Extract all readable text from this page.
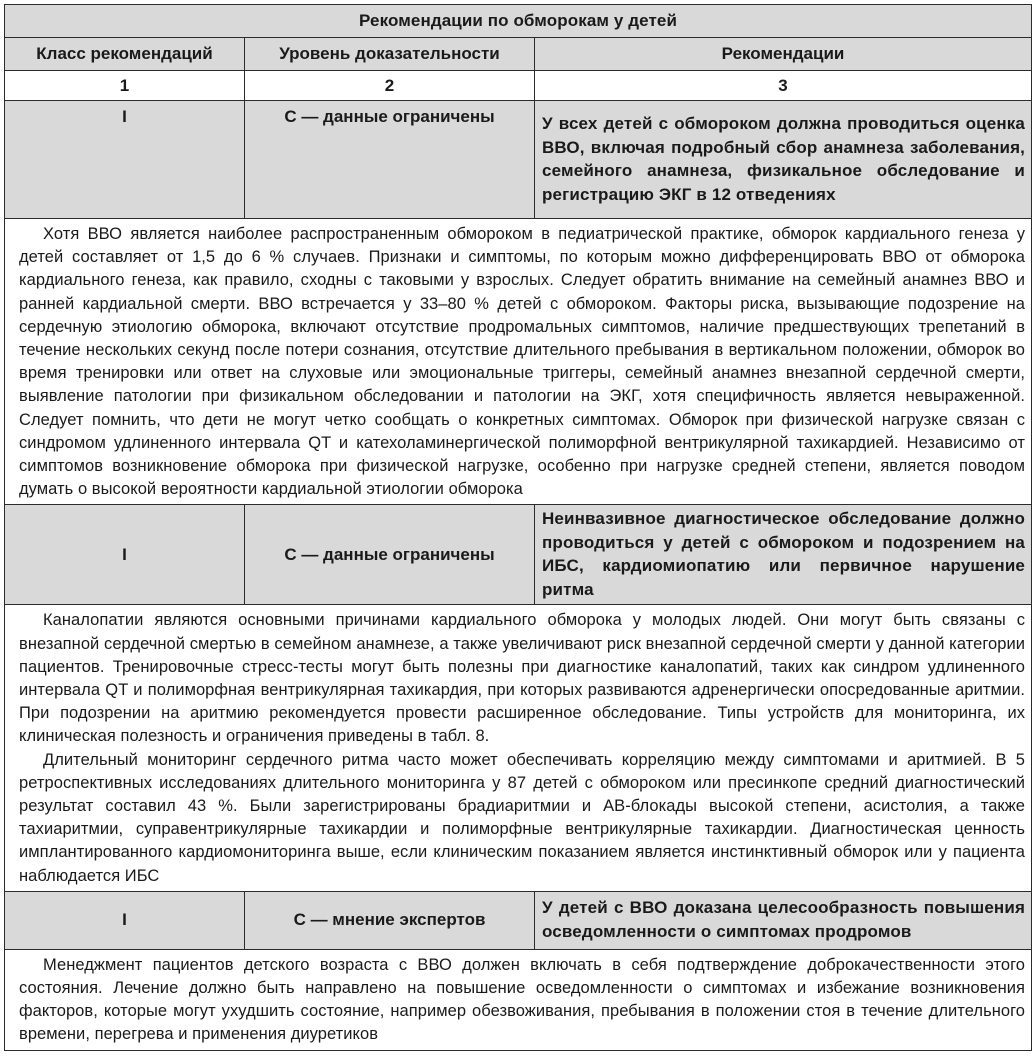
Рекомендации по обморокам у детей		
Класс рекомендаций	Уровень доказательности	Рекомендации
1	2	3
I	С — данные ограничены	У всех детей с обмороком должна проводиться оценка ВВО, включая подробный сбор анамнеза заболевания, семейного анамнеза, физикальное обследование и регистрацию ЭКГ в 12 отведениях

Хотя ВВО является наиболее распространенным обмороком в педиатрической практике, обморок кардиального генеза у детей составляет от 1,5 до 6 % случаев. Признаки и симптомы, по которым можно дифференцировать ВВО от обморока кардиального генеза, как правило, сходны с таковыми у взрослых. Следует обратить внимание на семейный анамнез ВВО и ранней кардиальной смерти. ВВО встречается у 33–80 % детей с обмороком. Факторы риска, вызывающие подозрение на сердечную этиологию обморока, включают отсутствие продромальных симптомов, наличие предшествующих трепетаний в течение нескольких секунд после потери сознания, отсутствие длительного пребывания в вертикальном положении, обморок во время тренировки или ответ на слуховые или эмоциональные триггеры, семейный анамнез внезапной сердечной смерти, выявление патологии при физикальном обследовании и патологии на ЭКГ, хотя специфичность является невыраженной. Следует помнить, что дети не могут четко сообщать о конкретных симптомах. Обморок при физической нагрузке связан с синдромом удлиненного интервала QT и катехоламинергической полиморфной вентрикулярной тахикардией. Независимо от симптомов возникновение обморока при физической нагрузке, особенно при нагрузке средней степени, является поводом думать о высокой вероятности кардиальной этиологии обморока		

I	С — данные ограничены	Неинвазивное диагностическое обследование должно проводиться у детей с обмороком и подозрением на ИБС, кардиомиопатию или первичное нарушение ритма

Каналопатии являются основными причинами кардиального обморока у молодых людей. Они могут быть связаны с внезапной сердечной смертью в семейном анамнезе, а также увеличивают риск внезапной сердечной смерти у данной категории пациентов. Тренировочные стресс-тесты могут быть полезны при диагностике каналопатий, таких как синдром удлиненного интервала QT и полиморфная вентрикулярная тахикардия, при которых развиваются адренергически опосредованные аритмии. При подозрении на аритмию рекомендуется провести расширенное обследование. Типы устройств для мониторинга, их клиническая полезность и ограничения приведены в табл. 8.

Длительный мониторинг сердечного ритма часто может обеспечивать корреляцию между симптомами и аритмией. В 5 ретроспективных исследованиях длительного мониторинга у 87 детей с обмороком или пресинкопе средний диагностический результат составил 43 %. Были зарегистрированы брадиаритмии и АВ-блокады высокой степени, асистолия, а также тахиаритмии, суправентрикулярные тахикардии и полиморфные вентрикулярные тахикардии. Диагностическая ценность имплантированного кардиомониторинга выше, если клиническим показанием является инстинктивный обморок или у пациента наблюдается ИБС		

I	С — мнение экспертов	У детей с ВВО доказана целесообразность повышения осведомленности о симптомах продромов

Менеджмент пациентов детского возраста с ВВО должен включать в себя подтверждение доброкачественности этого состояния. Лечение должно быть направлено на повышение осведомленности о симптомах и избежание возникновения факторов, которые могут ухудшить состояние, например обезвоживания, пребывания в положении стоя в течение длительного времени, перегрева и применения диуретиков		
